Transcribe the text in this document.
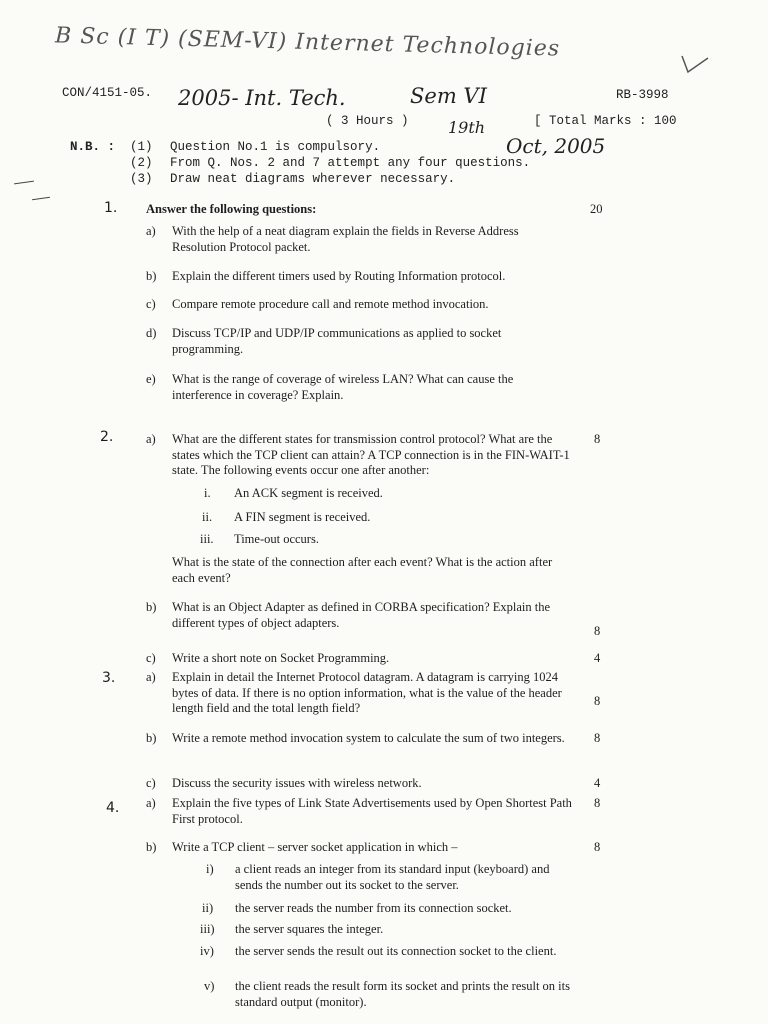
B Sc (I T) (SEM-VI) Internet Technologies
CON/4151-05. 2005- Int. Tech.	Sem VI	RB-3998
( 3 Hours ) 19th
Oct, 2005
[ Total Marks : 100
N.B. : (1) Question No.1 is compulsory.
(2) From Q. Nos. 2 and 7 attempt any four questions.
(3) Draw neat diagrams wherever necessary.
1. Answer the following questions:	20
a) With the help of a neat diagram explain the fields in Reverse Address Resolution Protocol packet.
b) Explain the different timers used by Routing Information protocol.
c) Compare remote procedure call and remote method invocation.
d) Discuss TCP/IP and UDP/IP communications as applied to socket programming.
e) What is the range of coverage of wireless LAN? What can cause the interference in coverage? Explain.
2.	a) What are the different states for transmission control protocol? What are the states which the TCP client can attain? A TCP connection is in the FIN-WAIT-1 state. The following events occur one after another:
8
i. An ACK segment is received.
ii. A FIN segment is received.
iii. Time-out occurs.
What is the state of the connection after each event? What is the action after each event?
b) What is an Object Adapter as defined in CORBA specification? Explain the different types of object adapters.
8
c) Write a short note on Socket Programming.	4
3. a) Explain in detail the Internet Protocol datagram. A datagram is carrying 1024 bytes of data. If there is no option information, what is the value of the header length field and the total length field?	8
b) Write a remote method invocation system to calculate the sum of two integers.	8
c) Discuss the security issues with wireless network.	4
4. a) Explain the five types of Link State Advertisements used by Open Shortest Path First protocol.
8
b) Write a TCP client – server socket application in which –	8
i) a client reads an integer from its standard input (keyboard) and sends the number out its socket to the server.
ii) the server reads the number from its connection socket.
iii) the server squares the integer.
iv) the server sends the result out its connection socket to the client.
v) the client reads the result form its socket and prints the result on its standard output (monitor).
